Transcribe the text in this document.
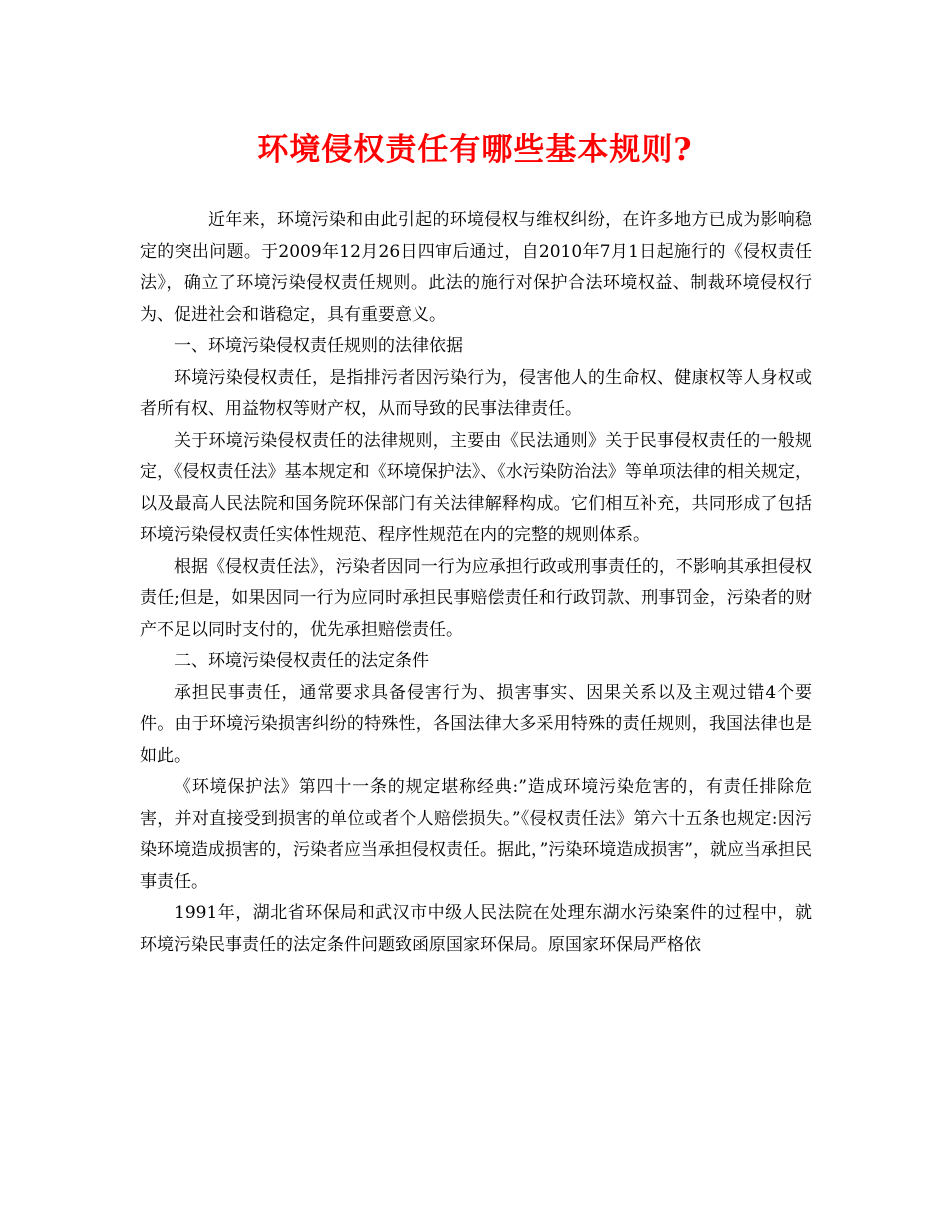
环境侵权责任有哪些基本规则?

近年来，环境污染和由此引起的环境侵权与维权纠纷，在许多地方已成为影响稳定的突出问题。于2009年12月26日四审后通过，自2010年7月1日起施行的《侵权责任法》，确立了环境污染侵权责任规则。此法的施行对保护合法环境权益、制裁环境侵权行为、促进社会和谐稳定，具有重要意义。

一、环境污染侵权责任规则的法律依据

环境污染侵权责任，是指排污者因污染行为，侵害他人的生命权、健康权等人身权或者所有权、用益物权等财产权，从而导致的民事法律责任。

关于环境污染侵权责任的法律规则，主要由《民法通则》关于民事侵权责任的一般规定，《侵权责任法》基本规定和《环境保护法》、《水污染防治法》等单项法律的相关规定，以及最高人民法院和国务院环保部门有关法律解释构成。它们相互补充，共同形成了包括环境污染侵权责任实体性规范、程序性规范在内的完整的规则体系。

根据《侵权责任法》，污染者因同一行为应承担行政或刑事责任的，不影响其承担侵权责任;但是，如果因同一行为应同时承担民事赔偿责任和行政罚款、刑事罚金，污染者的财产不足以同时支付的，优先承担赔偿责任。

二、环境污染侵权责任的法定条件

承担民事责任，通常要求具备侵害行为、损害事实、因果关系以及主观过错4个要件。由于环境污染损害纠纷的特殊性，各国法律大多采用特殊的责任规则，我国法律也是如此。

《环境保护法》第四十一条的规定堪称经典:”造成环境污染危害的，有责任排除危害，并对直接受到损害的单位或者个人赔偿损失。”《侵权责任法》第六十五条也规定:因污染环境造成损害的，污染者应当承担侵权责任。据此，”污染环境造成损害”，就应当承担民事责任。

1991年，湖北省环保局和武汉市中级人民法院在处理东湖水污染案件的过程中，就环境污染民事责任的法定条件问题致函原国家环保局。原国家环保局严格依
